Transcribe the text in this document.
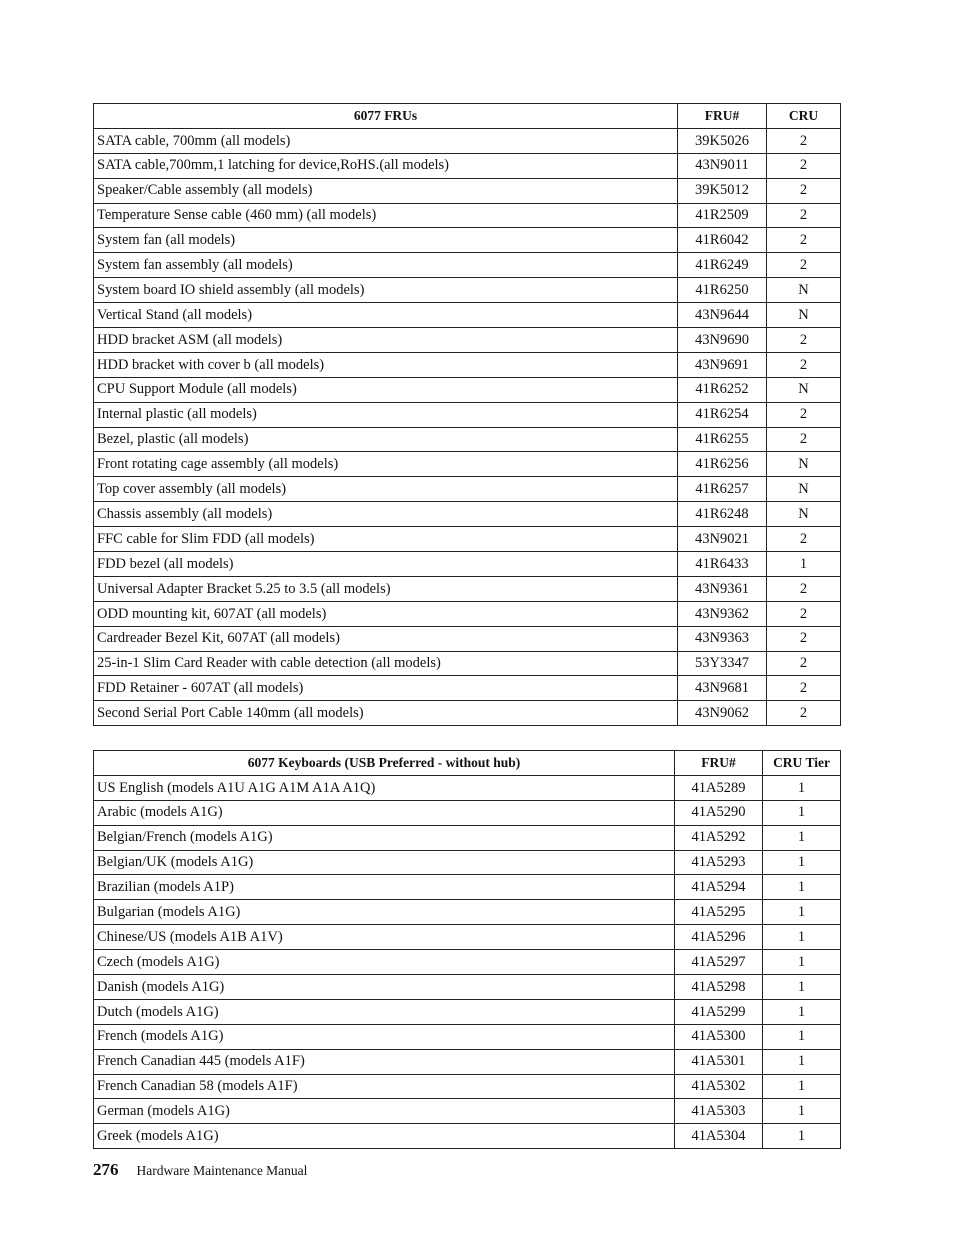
6077 FRUs	FRU#	CRU
SATA cable, 700mm (all models)	39K5026	2
SATA cable,700mm,1 latching for device,RoHS.(all models)	43N9011	2
Speaker/Cable assembly (all models)	39K5012	2
Temperature Sense cable (460 mm) (all models)	41R2509	2
System fan (all models)	41R6042	2
System fan assembly (all models)	41R6249	2
System board IO shield assembly (all models)	41R6250	N
Vertical Stand (all models)	43N9644	N
HDD bracket ASM (all models)	43N9690	2
HDD bracket with cover b (all models)	43N9691	2
CPU Support Module (all models)	41R6252	N
Internal plastic (all models)	41R6254	2
Bezel, plastic (all models)	41R6255	2
Front rotating cage assembly (all models)	41R6256	N
Top cover assembly (all models)	41R6257	N
Chassis assembly (all models)	41R6248	N
FFC cable for Slim FDD (all models)	43N9021	2
FDD bezel (all models)	41R6433	1
Universal Adapter Bracket 5.25 to 3.5 (all models)	43N9361	2
ODD mounting kit, 607AT (all models)	43N9362	2
Cardreader Bezel Kit, 607AT (all models)	43N9363	2
25-in-1 Slim Card Reader with cable detection (all models)	53Y3347	2
FDD Retainer - 607AT (all models)	43N9681	2
Second Serial Port Cable 140mm (all models)	43N9062	2
6077 Keyboards (USB Preferred - without hub)	FRU#	CRU Tier
US English (models A1U A1G A1M A1A A1Q)	41A5289	1
Arabic (models A1G)	41A5290	1
Belgian/French (models A1G)	41A5292	1
Belgian/UK (models A1G)	41A5293	1
Brazilian (models A1P)	41A5294	1
Bulgarian (models A1G)	41A5295	1
Chinese/US (models A1B A1V)	41A5296	1
Czech (models A1G)	41A5297	1
Danish (models A1G)	41A5298	1
Dutch (models A1G)	41A5299	1
French (models A1G)	41A5300	1
French Canadian 445 (models A1F)	41A5301	1
French Canadian 58 (models A1F)	41A5302	1
German (models A1G)	41A5303	1
Greek (models A1G)	41A5304	1
276 Hardware Maintenance Manual
